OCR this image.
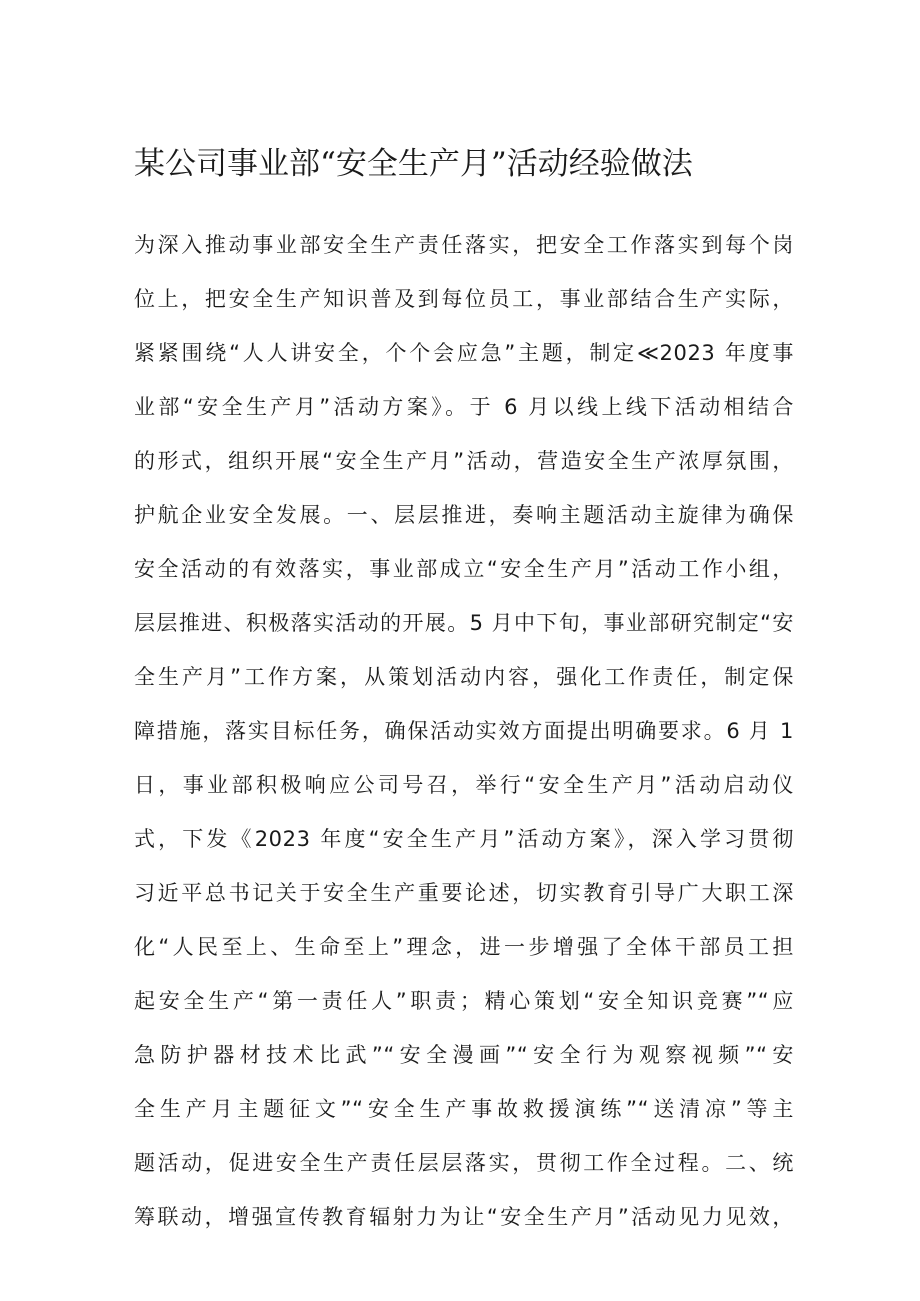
某公司事业部“安全生产月”活动经验做法
为深入推动事业部安全生产责任落实，把安全工作落实到每个岗
位上，把安全生产知识普及到每位员工，事业部结合生产实际，
紧紧围绕“人人讲安全，个个会应急”主题，制定≪2023 年度事
业部“安全生产月”活动方案》。于 6 月以线上线下活动相结合
的形式，组织开展“安全生产月”活动，营造安全生产浓厚氛围，
护航企业安全发展。一、层层推进，奏响主题活动主旋律为确保
安全活动的有效落实，事业部成立“安全生产月”活动工作小组，
层层推进、积极落实活动的开展。5 月中下旬，事业部研究制定“安
全生产月”工作方案，从策划活动内容，强化工作责任，制定保
障措施，落实目标任务，确保活动实效方面提出明确要求。6 月 1
日，事业部积极响应公司号召，举行“安全生产月”活动启动仪
式，下发《2023 年度“安全生产月”活动方案》，深入学习贯彻
习近平总书记关于安全生产重要论述，切实教育引导广大职工深
化“人民至上、生命至上”理念，进一步增强了全体干部员工担
起安全生产“第一责任人”职责；精心策划“安全知识竞赛”“应
急防护器材技术比武”“安全漫画”“安全行为观察视频”“安
全生产月主题征文”“安全生产事故救援演练”“送清凉”等主
题活动，促进安全生产责任层层落实，贯彻工作全过程。二、统
筹联动，增强宣传教育辐射力为让“安全生产月”活动见力见效，
